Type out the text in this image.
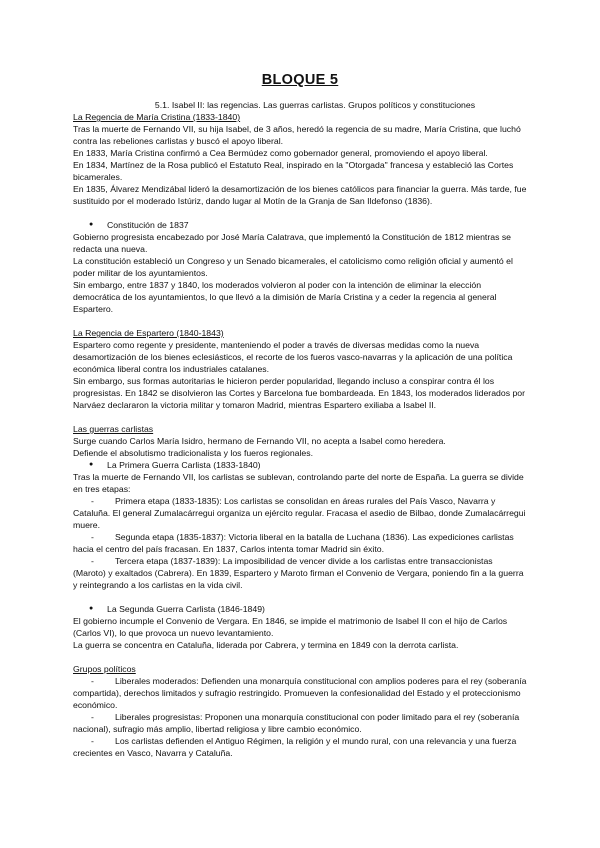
BLOQUE 5
5.1. Isabel II: las regencias. Las guerras carlistas. Grupos políticos y constituciones
La Regencia de María Cristina (1833-1840)

Tras la muerte de Fernando VII, su hija Isabel, de 3 años, heredó la regencia de su madre, María Cristina, que luchó contra las rebeliones carlistas y buscó el apoyo liberal.

En 1833, María Cristina confirmó a Cea Bermúdez como gobernador general, promoviendo el apoyo liberal.

En 1834, Martínez de la Rosa publicó el Estatuto Real, inspirado en la "Otorgada" francesa y estableció las Cortes bicamerales.

En 1835, Álvarez Mendizábal lideró la desamortización de los bienes católicos para financiar la guerra. Más tarde, fue sustituido por el moderado Istúriz, dando lugar al Motín de la Granja de San Ildefonso (1836).

●	Constitución de 1837

Gobierno progresista encabezado por José María Calatrava, que implementó la Constitución de 1812 mientras se redacta una nueva.

La constitución estableció un Congreso y un Senado bicamerales, el catolicismo como religión oficial y aumentó el poder militar de los ayuntamientos.

Sin embargo, entre 1837 y 1840, los moderados volvieron al poder con la intención de eliminar la elección democrática de los ayuntamientos, lo que llevó a la dimisión de María Cristina y a ceder la regencia al general Espartero.

La Regencia de Espartero (1840-1843)

Espartero como regente y presidente, manteniendo el poder a través de diversas medidas como la nueva desamortización de los bienes eclesiásticos, el recorte de los fueros vasco-navarras y la aplicación de una política económica liberal contra los industriales catalanes.

Sin embargo, sus formas autoritarias le hicieron perder popularidad, llegando incluso a conspirar contra él los progresistas. En 1842 se disolvieron las Cortes y Barcelona fue bombardeada. En 1843, los moderados liderados por Narváez declararon la victoria militar y tomaron Madrid, mientras Espartero exiliaba a Isabel II.

Las guerras carlistas

Surge cuando Carlos María Isidro, hermano de Fernando VII, no acepta a Isabel como heredera.

Defiende el absolutismo tradicionalista y los fueros regionales.

●	La Primera Guerra Carlista (1833-1840)

Tras la muerte de Fernando VII, los carlistas se sublevan, controlando parte del norte de España. La guerra se divide en tres etapas:

- Primera etapa (1833-1835): Los carlistas se consolidan en áreas rurales del País Vasco, Navarra y Cataluña. El general Zumalacárregui organiza un ejército regular. Fracasa el asedio de Bilbao, donde Zumalacárregui muere.
- Segunda etapa (1835-1837): Victoria liberal en la batalla de Luchana (1836). Las expediciones carlistas hacia el centro del país fracasan. En 1837, Carlos intenta tomar Madrid sin éxito.
- Tercera etapa (1837-1839): La imposibilidad de vencer divide a los carlistas entre transaccionistas (Maroto) y exaltados (Cabrera). En 1839, Espartero y Maroto firman el Convenio de Vergara, poniendo fin a la guerra y reintegrando a los carlistas en la vida civil.
●	La Segunda Guerra Carlista (1846-1849)

El gobierno incumple el Convenio de Vergara. En 1846, se impide el matrimonio de Isabel II con el hijo de Carlos (Carlos VI), lo que provoca un nuevo levantamiento.

La guerra se concentra en Cataluña, liderada por Cabrera, y termina en 1849 con la derrota carlista.

Grupos políticos
- Liberales moderados: Defienden una monarquía constitucional con amplios poderes para el rey (soberanía compartida), derechos limitados y sufragio restringido. Promueven la confesionalidad del Estado y el proteccionismo económico.
- Liberales progresistas: Proponen una monarquía constitucional con poder limitado para el rey (soberanía nacional), sufragio más amplio, libertad religiosa y libre cambio económico.
- Los carlistas defienden el Antiguo Régimen, la religión y el mundo rural, con una relevancia y una fuerza crecientes en Vasco, Navarra y Cataluña.
